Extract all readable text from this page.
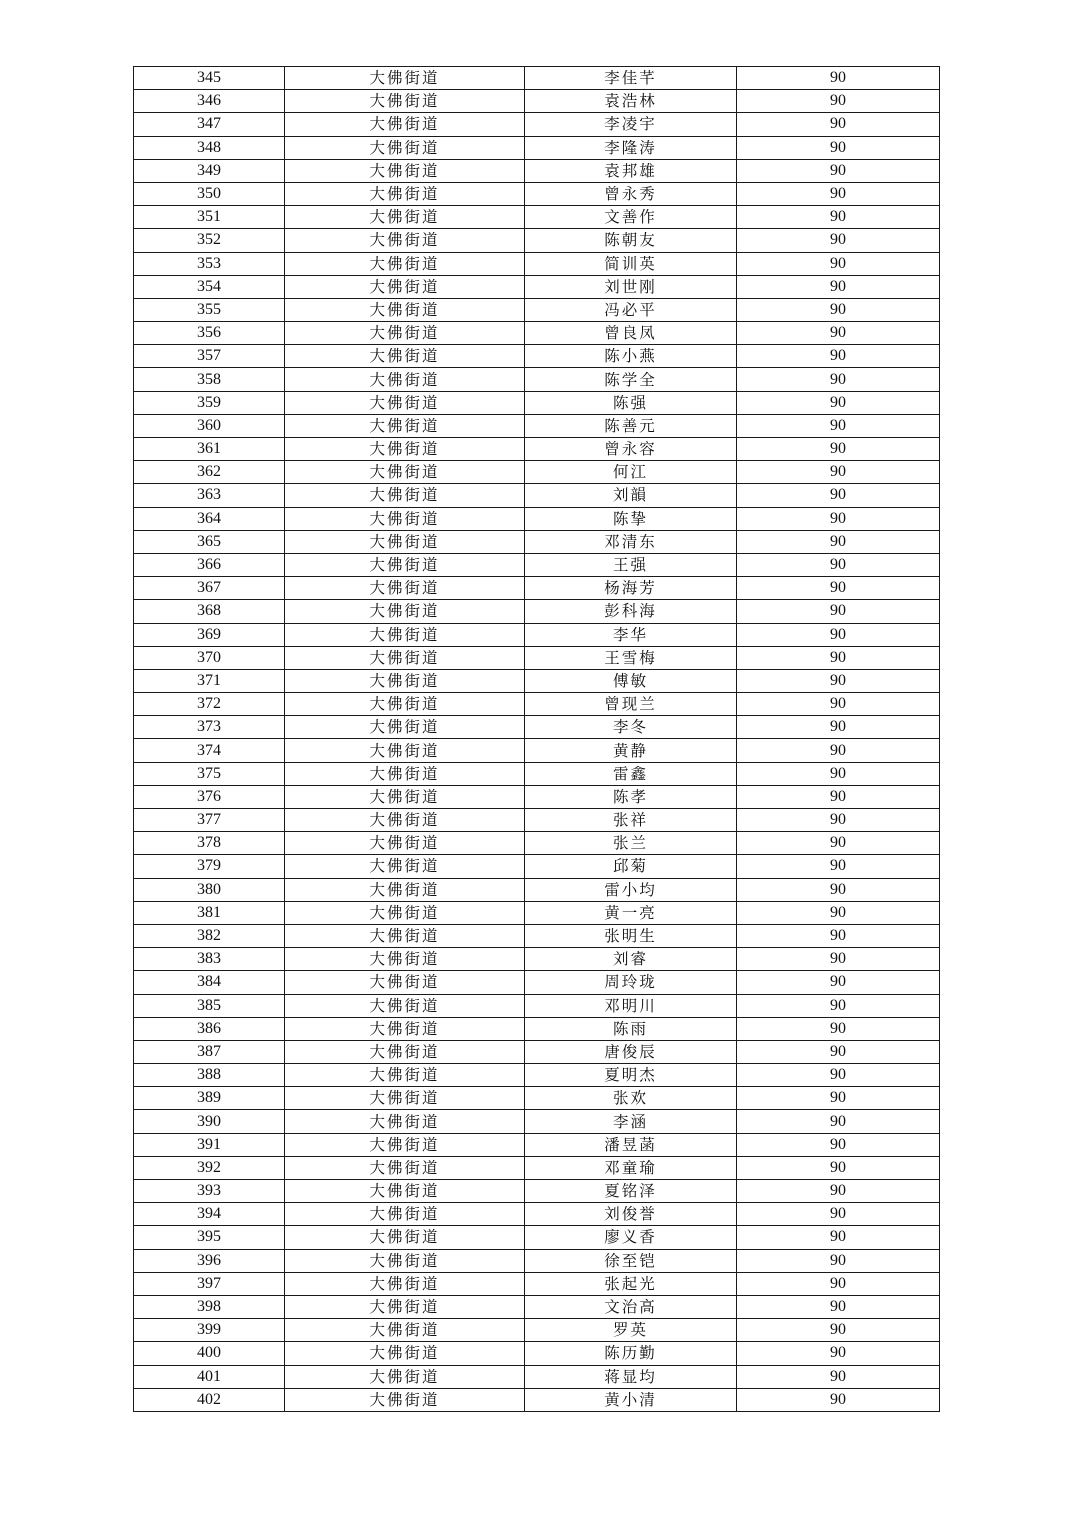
345	大佛街道	李佳芊	90
346	大佛街道	袁浩林	90
347	大佛街道	李凌宇	90
348	大佛街道	李隆涛	90
349	大佛街道	袁邦雄	90
350	大佛街道	曾永秀	90
351	大佛街道	文善作	90
352	大佛街道	陈朝友	90
353	大佛街道	简训英	90
354	大佛街道	刘世刚	90
355	大佛街道	冯必平	90
356	大佛街道	曾良凤	90
357	大佛街道	陈小燕	90
358	大佛街道	陈学全	90
359	大佛街道	陈强	90
360	大佛街道	陈善元	90
361	大佛街道	曾永容	90
362	大佛街道	何江	90
363	大佛街道	刘韻	90
364	大佛街道	陈挚	90
365	大佛街道	邓清东	90
366	大佛街道	王强	90
367	大佛街道	杨海芳	90
368	大佛街道	彭科海	90
369	大佛街道	李华	90
370	大佛街道	王雪梅	90
371	大佛街道	傅敏	90
372	大佛街道	曾现兰	90
373	大佛街道	李冬	90
374	大佛街道	黄静	90
375	大佛街道	雷鑫	90
376	大佛街道	陈孝	90
377	大佛街道	张祥	90
378	大佛街道	张兰	90
379	大佛街道	邱菊	90
380	大佛街道	雷小均	90
381	大佛街道	黄一亮	90
382	大佛街道	张明生	90
383	大佛街道	刘睿	90
384	大佛街道	周玲珑	90
385	大佛街道	邓明川	90
386	大佛街道	陈雨	90
387	大佛街道	唐俊辰	90
388	大佛街道	夏明杰	90
389	大佛街道	张欢	90
390	大佛街道	李涵	90
391	大佛街道	潘昱菡	90
392	大佛街道	邓童瑜	90
393	大佛街道	夏铭泽	90
394	大佛街道	刘俊誉	90
395	大佛街道	廖义香	90
396	大佛街道	徐至铠	90
397	大佛街道	张起光	90
398	大佛街道	文治高	90
399	大佛街道	罗英	90
400	大佛街道	陈历勤	90
401	大佛街道	蒋显均	90
402	大佛街道	黄小清	90
